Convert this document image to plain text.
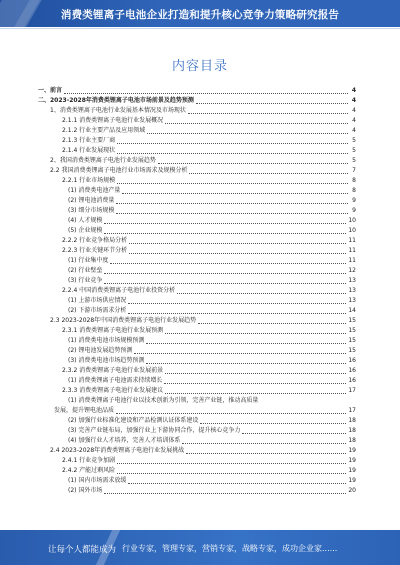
消费类锂离子电池企业打造和提升核心竞争力策略研究报告
内容目录
一、前言	4
二、2023-2028年消费类锂离子电池市场前景及趋势预测	4
1、消费类锂离子电池行业发展基本情况及市场现状	4
2.1.1 消费类锂离子电池行业发展概况	4
2.1.2 行业主要产品及应用领域	4
2.1.3 行业主要厂商	5
2.1.4 行业发展现状	5
2、我国消费类锂离子电池行业发展趋势	5
2.2 我国消费类锂离子电池行业市场需求及规模分析	7
2.2.1 行业市场规模	8
(1) 消费类电池产量	8
(2) 锂电池消费量	9
(3) 细分市场规模	9
(4) 人才规模	10
(5) 企业规模	10
2.2.2 行业竞争格局分析	11
2.2.3 行业关键环节分析	11
(1) 行业集中度	11
(2) 行业壁垒	12
(3) 行业竞争	13
2.2.4 中国消费类锂离子电池行业投资分析	13
(1) 上游市场供应情况	13
(2) 下游市场需求分析	14
2.3 2023-2028年中国消费类锂离子电池行业发展趋势	15
2.3.1 消费类锂离子电池行业发展预测	15
(1) 消费类电池市场规模预测	15
(2) 锂电池发展趋势预测	15
(3) 消费类电池市场趋势预测	16
2.3.2 消费类锂离子电池行业发展前景	16
(1) 消费类锂离子电池需求持续增长	16
2.3.3 消费类锂离子电池行业发展建议	17
(1) 消费类锂离子电池行业以技术创新为引领，完善产业链，推动高质量
发展，提升锂电池品质	17
(2) 加强行业标准化建设和产品检测认证体系建设	18
(3) 完善产业链布局，加强行业上下游协同合作，提升核心竞争力	18
(4) 加强行业人才培养，完善人才培训体系	18
2.4 2023-2028年消费类锂离子电池行业发展挑战	19
2.4.1 行业竞争加剧	19
2.4.2 产能过剩风险	19
(1) 国内市场需求放缓	19
(2) 国外市场	20
让每个人都能成为 行业专家，管理专家，营销专家，战略专家，成功企业家......
